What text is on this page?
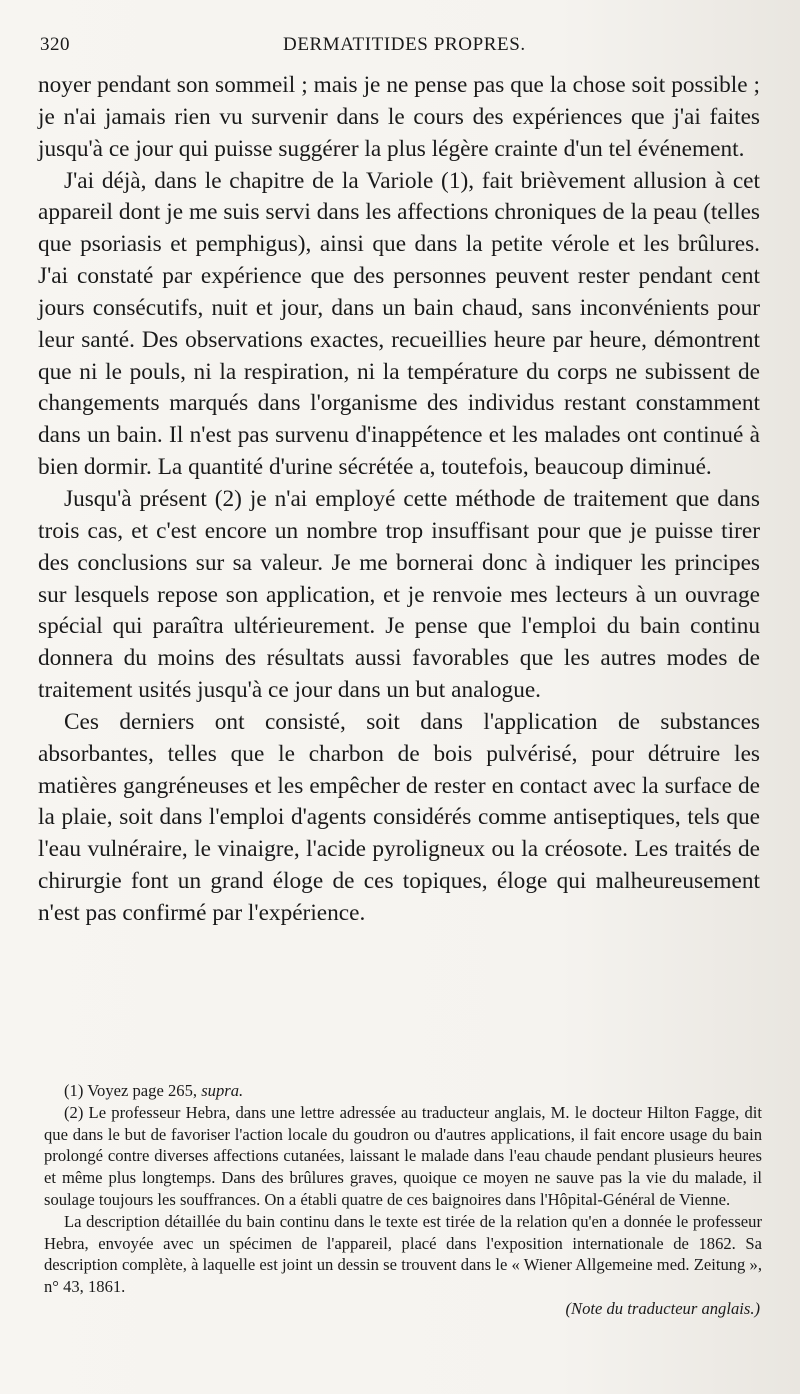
320	DERMATITIDES PROPRES.

noyer pendant son sommeil ; mais je ne pense pas que la chose soit possible ; je n'ai jamais rien vu survenir dans le cours des expériences que j'ai faites jusqu'à ce jour qui puisse suggérer la plus légère crainte d'un tel événement.

J'ai déjà, dans le chapitre de la Variole (1), fait brièvement allusion à cet appareil dont je me suis servi dans les affections chroniques de la peau (telles que psoriasis et pemphigus), ainsi que dans la petite vérole et les brûlures. J'ai constaté par expérience que des personnes peuvent rester pendant cent jours consécutifs, nuit et jour, dans un bain chaud, sans inconvénients pour leur santé. Des observations exactes, recueillies heure par heure, démontrent que ni le pouls, ni la respiration, ni la température du corps ne subissent de changements marqués dans l'organisme des individus restant constamment dans un bain. Il n'est pas survenu d'inappétence et les malades ont continué à bien dormir. La quantité d'urine sécrétée a, toutefois, beaucoup diminué.

Jusqu'à présent (2) je n'ai employé cette méthode de traitement que dans trois cas, et c'est encore un nombre trop insuffisant pour que je puisse tirer des conclusions sur sa valeur. Je me bornerai donc à indiquer les principes sur lesquels repose son application, et je renvoie mes lecteurs à un ouvrage spécial qui paraîtra ultérieurement. Je pense que l'emploi du bain continu donnera du moins des résultats aussi favorables que les autres modes de traitement usités jusqu'à ce jour dans un but analogue.

Ces derniers ont consisté, soit dans l'application de substances absorbantes, telles que le charbon de bois pulvérisé, pour détruire les matières gangréneuses et les empêcher de rester en contact avec la surface de la plaie, soit dans l'emploi d'agents considérés comme antiseptiques, tels que l'eau vulnéraire, le vinaigre, l'acide pyroligneux ou la créosote. Les traités de chirurgie font un grand éloge de ces topiques, éloge qui malheureusement n'est pas confirmé par l'expérience.

(1) Voyez page 265, supra.

(2) Le professeur Hebra, dans une lettre adressée au traducteur anglais, M. le docteur Hilton Fagge, dit que dans le but de favoriser l'action locale du goudron ou d'autres applications, il fait encore usage du bain prolongé contre diverses affections cutanées, laissant le malade dans l'eau chaude pendant plusieurs heures et même plus longtemps. Dans des brûlures graves, quoique ce moyen ne sauve pas la vie du malade, il soulage toujours les souffrances. On a établi quatre de ces baignoires dans l'Hôpital-Général de Vienne.

La description détaillée du bain continu dans le texte est tirée de la relation qu'en a donnée le professeur Hebra, envoyée avec un spécimen de l'appareil, placé dans l'exposition internationale de 1862. Sa description complète, à laquelle est joint un dessin se trouvent dans le « Wiener Allgemeine med. Zeitung », n° 43, 1861.

(Note du traducteur anglais.)
